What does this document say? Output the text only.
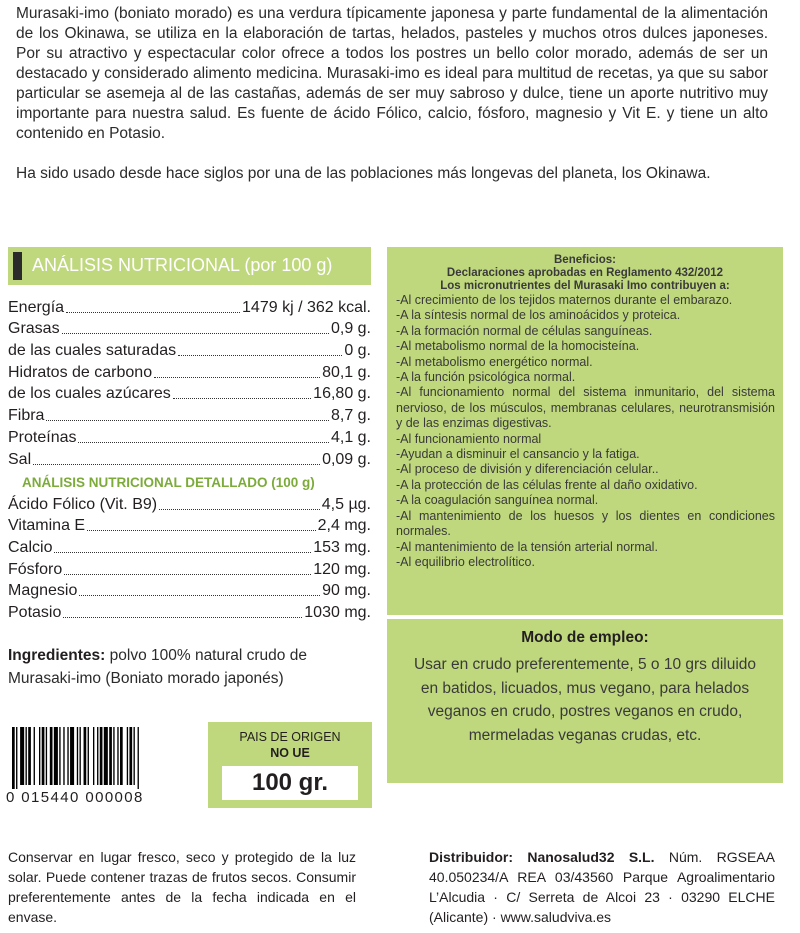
Murasaki-imo (boniato morado) es una verdura típicamente japonesa y parte fundamental de la alimentación de los Okinawa, se utiliza en la elaboración de tartas, helados, pasteles y muchos otros dulces japoneses. Por su atractivo y espectacular color ofrece a todos los postres un bello color morado, además de ser un destacado y considerado alimento medicina. Murasaki-imo es ideal para multitud de recetas, ya que su sabor particular se asemeja al de las castañas, además de ser muy sabroso y dulce, tiene un aporte nutritivo muy importante para nuestra salud. Es fuente de ácido Fólico, calcio, fósforo, magnesio y Vit E. y tiene un alto contenido en Potasio.

Ha sido usado desde hace siglos por una de las poblaciones más longevas del planeta, los Okinawa.

ANÁLISIS NUTRICIONAL (por 100 g)
Energía	1479 kj / 362 kcal.
Grasas	0,9 g.
de las cuales saturadas	0 g.
Hidratos de carbono	80,1 g.
de los cuales azúcares	16,80 g.
Fibra	8,7 g.
Proteínas	4,1 g.
Sal	0,09 g.
ANÁLISIS NUTRICIONAL DETALLADO (100 g)
Ácido Fólico (Vit. B9)	4,5 µg.
Vitamina E	2,4 mg.
Calcio	153 mg.
Fósforo	120 mg.
Magnesio	90 mg.
Potasio	1030 mg.
Ingredientes: polvo 100% natural crudo de Murasaki-imo (Boniato morado japonés)
0 015440 000008
PAIS DE ORIGEN
NO UE
100 gr.
Beneficios:
Declaraciones aprobadas en Reglamento 432/2012
Los micronutrientes del Murasaki Imo contribuyen a:
-Al crecimiento de los tejidos maternos durante el embarazo.
-A la síntesis normal de los aminoácidos y proteica.
-A la formación normal de células sanguíneas.
-Al metabolismo normal de la homocisteína.
-Al metabolismo energético normal.
-A la función psicológica normal.
-Al funcionamiento normal del sistema inmunitario, del sistema nervioso, de los músculos, membranas celulares, neurotransmisión y de las enzimas digestivas.
-Al funcionamiento normal
-Ayudan a disminuir el cansancio y la fatiga.
-Al proceso de división y diferenciación celular..
-A la protección de las células frente al daño oxidativo.
-A la coagulación sanguínea normal.
-Al mantenimiento de los huesos y los dientes en condiciones normales.
-Al mantenimiento de la tensión arterial normal.
-Al equilibrio electrolítico.
Modo de empleo:
Usar en crudo preferentemente, 5 o 10 grs diluido en batidos, licuados, mus vegano, para helados veganos en crudo, postres veganos en crudo, mermeladas veganas crudas, etc.
Conservar en lugar fresco, seco y protegido de la luz solar. Puede contener trazas de frutos secos. Consumir preferentemente antes de la fecha indicada en el envase.
Distribuidor: Nanosalud32 S.L. Núm. RGSEAA 40.050234/A REA 03/43560 Parque Agroalimentario L’Alcudia · C/ Serreta de Alcoi 23 · 03290 ELCHE (Alicante) · www.saludviva.es
